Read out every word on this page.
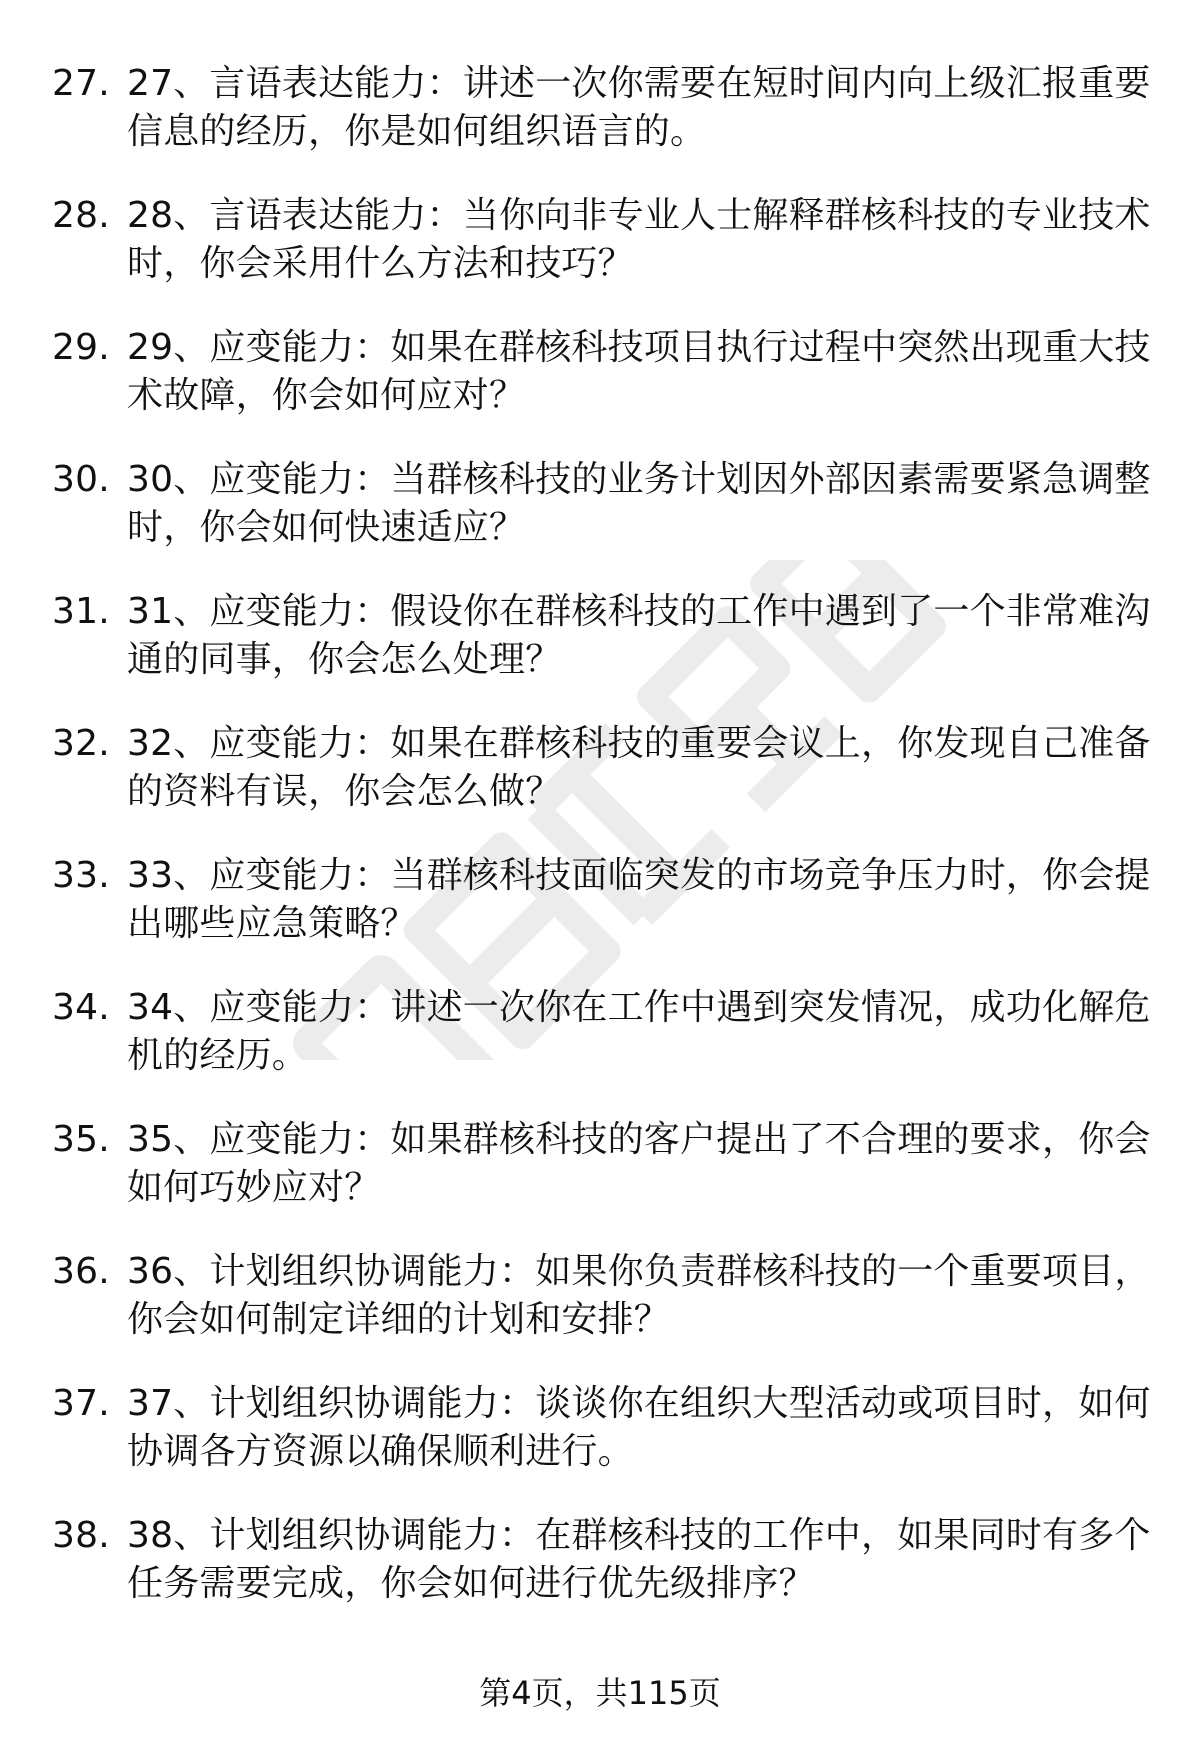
27. 27、言语表达能力：讲述一次你需要在短时间内向上级汇报重要信息的经历，你是如何组织语言的。
28. 28、言语表达能力：当你向非专业人士解释群核科技的专业技术时，你会采用什么方法和技巧？
29. 29、应变能力：如果在群核科技项目执行过程中突然出现重大技术故障，你会如何应对？
30. 30、应变能力：当群核科技的业务计划因外部因素需要紧急调整时，你会如何快速适应？
31. 31、应变能力：假设你在群核科技的工作中遇到了一个非常难沟通的同事，你会怎么处理？
32. 32、应变能力：如果在群核科技的重要会议上，你发现自己准备的资料有误，你会怎么做？
33. 33、应变能力：当群核科技面临突发的市场竞争压力时，你会提出哪些应急策略？
34. 34、应变能力：讲述一次你在工作中遇到突发情况，成功化解危机的经历。
35. 35、应变能力：如果群核科技的客户提出了不合理的要求，你会如何巧妙应对？
36. 36、计划组织协调能力：如果你负责群核科技的一个重要项目，你会如何制定详细的计划和安排？
37. 37、计划组织协调能力：谈谈你在组织大型活动或项目时，如何协调各方资源以确保顺利进行。
38. 38、计划组织协调能力：在群核科技的工作中，如果同时有多个任务需要完成，你会如何进行优先级排序？
第4页，共115页
